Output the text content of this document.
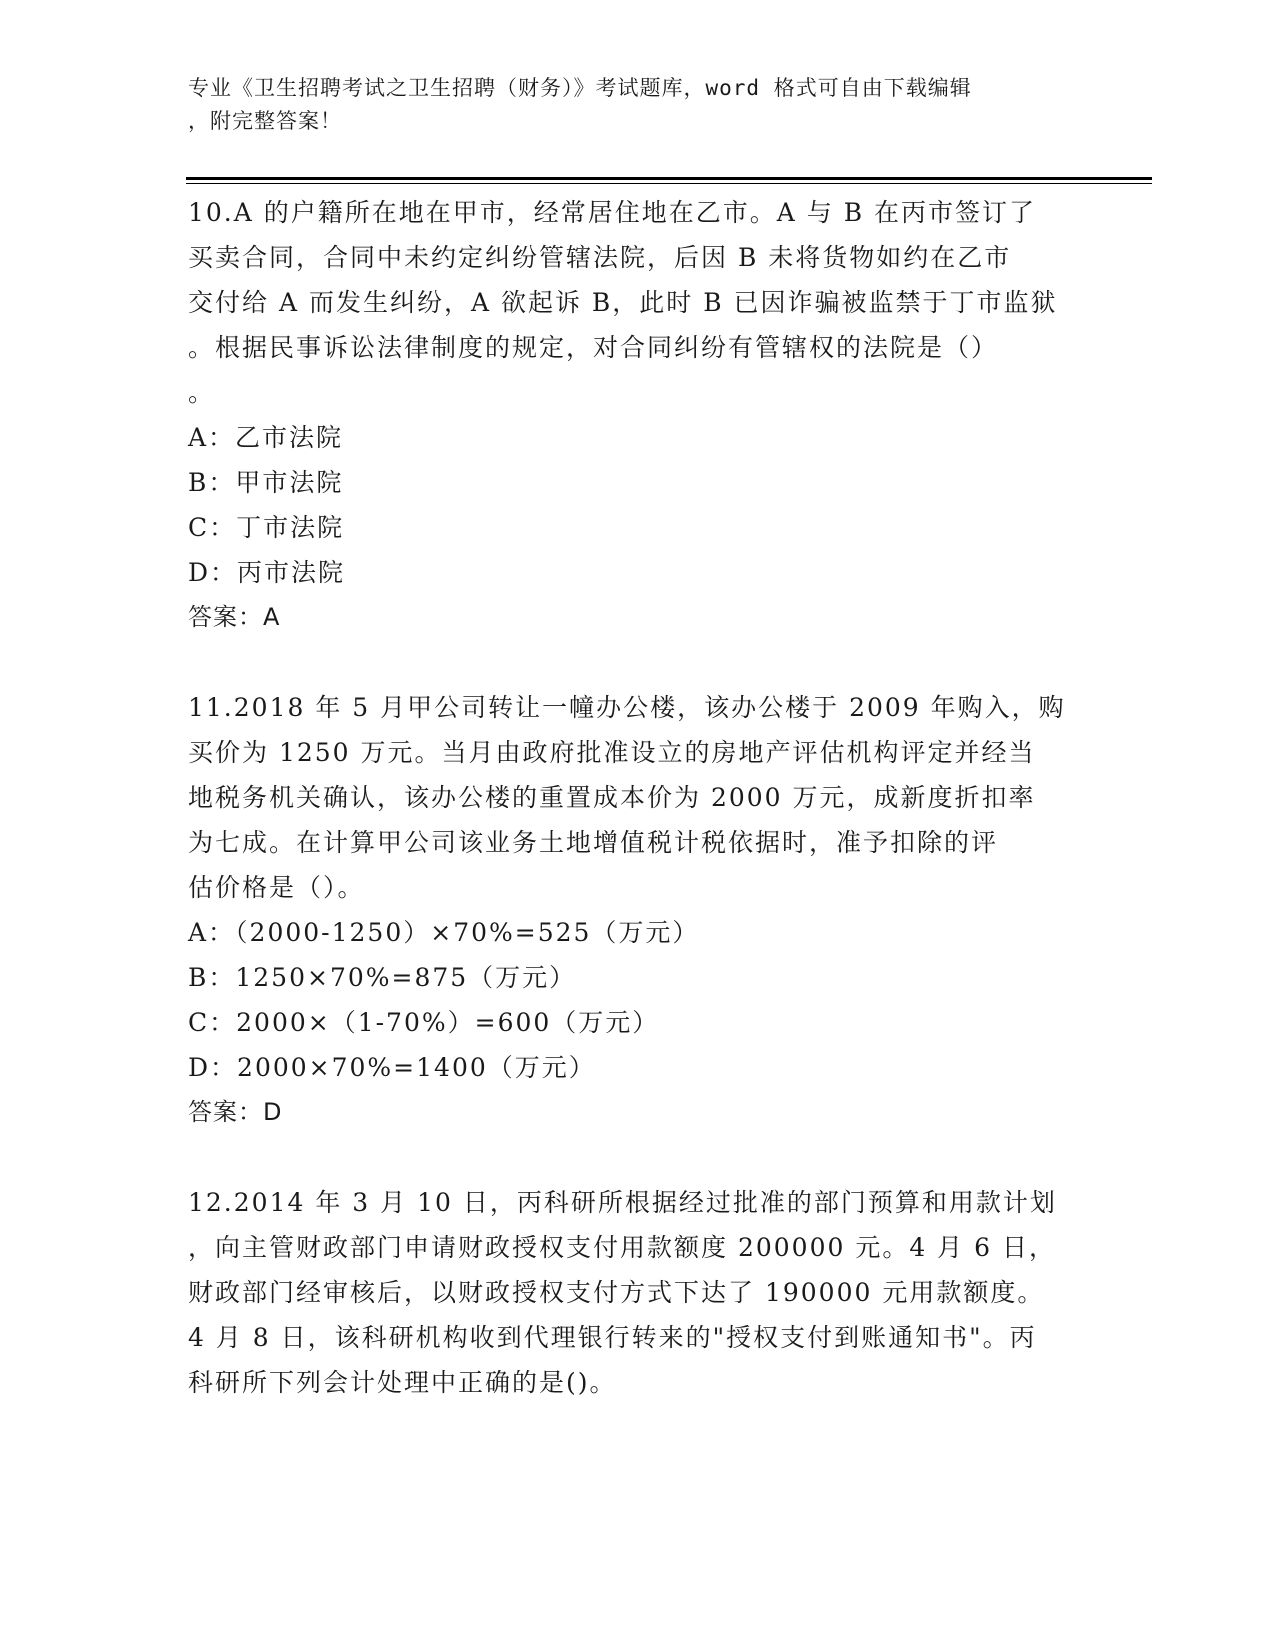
专业《卫生招聘考试之卫生招聘（财务）》考试题库，word 格式可自由下载编辑
，附完整答案！
10.A 的户籍所在地在甲市，经常居住地在乙市。A 与 B 在丙市签订了
买卖合同，合同中未约定纠纷管辖法院，后因 B 未将货物如约在乙市
交付给 A 而发生纠纷，A 欲起诉 B，此时 B 已因诈骗被监禁于丁市监狱
。根据民事诉讼法律制度的规定，对合同纠纷有管辖权的法院是（）
。
A：乙市法院
B：甲市法院
C：丁市法院
D：丙市法院
答案：A
11.2018 年 5 月甲公司转让一幢办公楼，该办公楼于 2009 年购入，购
买价为 1250 万元。当月由政府批准设立的房地产评估机构评定并经当
地税务机关确认，该办公楼的重置成本价为 2000 万元，成新度折扣率
为七成。在计算甲公司该业务土地增值税计税依据时，准予扣除的评
估价格是（）。
A：（2000-1250）×70%=525（万元）
B：1250×70%=875（万元）
C：2000×（1-70%）=600（万元）
D：2000×70%=1400（万元）
答案：D
12.2014 年 3 月 10 日，丙科研所根据经过批准的部门预算和用款计划
，向主管财政部门申请财政授权支付用款额度 200000 元。4 月 6 日，
财政部门经审核后，以财政授权支付方式下达了 190000 元用款额度。
4 月 8 日，该科研机构收到代理银行转来的"授权支付到账通知书"。丙
科研所下列会计处理中正确的是()。
